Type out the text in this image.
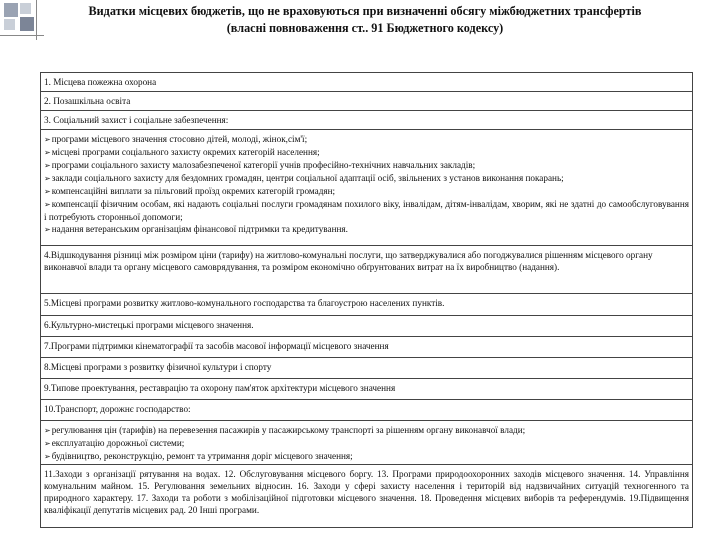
Видатки місцевих бюджетів, що не враховуються при визначенні обсягу міжбюджетних трансфертів
(власні повноваження ст.. 91 Бюджетного кодексу)

1. Місцева пожежна охорона

2. Позашкільна освіта

3. Соціальний захист і соціальне забезпечення:

➢ програми місцевого значення стосовно дітей, молоді, жінок,сім'ї;
➢ місцеві програми соціального захисту окремих категорій населення;
➢ програми соціального захисту малозабезпеченої категорії учнів професійно-технічних навчальних закладів;
➢ заклади соціального захисту для бездомних громадян, центри соціальної адаптації осіб, звільнених з установ виконання покарань;
➢ компенсаційні виплати за пільговий проїзд окремих категорій громадян;
➢ компенсації фізичним особам, які надають соціальні послуги громадянам похилого віку, інвалідам, дітям-інвалідам, хворим, які не здатні до самообслуговування і потребують сторонньої допомоги;
➢ надання ветеранським організаціям фінансової підтримки та кредитування.

4.Відшкодування різниці між розміром ціни (тарифу) на житлово-комунальні послуги, що затверджувалися або погоджувалися рішенням місцевого органу виконавчої влади та органу місцевого самоврядування, та розміром економічно обґрунтованих витрат на їх виробництво (надання).

5.Місцеві програми розвитку житлово-комунального господарства та благоустрою населених пунктів.

6.Культурно-мистецькі програми місцевого значення.

7.Програми підтримки кінематографії та засобів масової інформації місцевого значення

8.Місцеві програми з розвитку фізичної культури і спорту

9.Типове проектування, реставрацію та охорону пам'яток архітектури місцевого значення

10.Транспорт, дорожнє господарство:

➢ регулювання цін (тарифів) на перевезення пасажирів у пасажирському транспорті за рішенням органу виконавчої влади;
➢ експлуатацію дорожньої системи;
➢ будівництво, реконструкцію, ремонт та утримання доріг місцевого значення;

11.Заходи з організації рятування на водах. 12. Обслуговування місцевого боргу. 13. Програми природоохоронних заходів місцевого значення. 14. Управління комунальним майном. 15. Регулювання земельних відносин. 16. Заходи у сфері захисту населення і територій від надзвичайних ситуацій техногенного та природного характеру. 17. Заходи та роботи з мобілізаційної підготовки місцевого значення. 18. Проведення місцевих виборів та референдумів. 19.Підвищення кваліфікації депутатів місцевих рад. 20 Інші програми.
